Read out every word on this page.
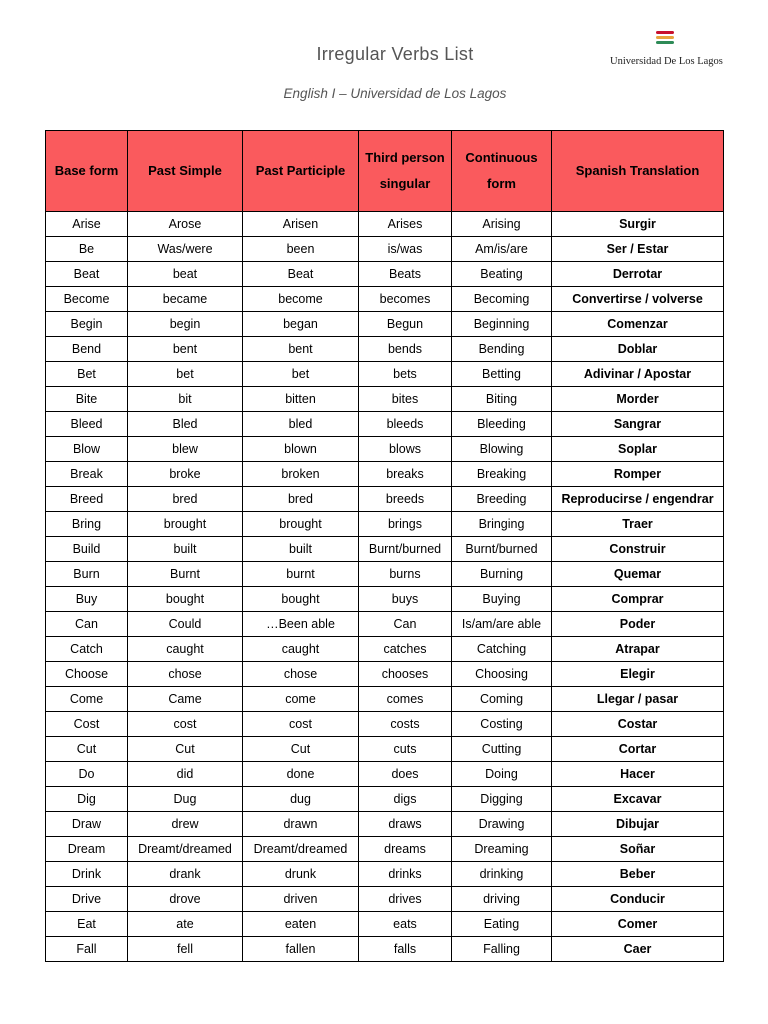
Irregular Verbs List
English I – Universidad de Los Lagos
Universidad De Los Lagos
Base form	Past Simple	Past Participle	Third person singular	Continuous form	Spanish Translation
Arise	Arose	Arisen	Arises	Arising	Surgir
Be	Was/were	been	is/was	Am/is/are	Ser / Estar
Beat	beat	Beat	Beats	Beating	Derrotar
Become	became	become	becomes	Becoming	Convertirse / volverse
Begin	begin	began	Begun	Beginning	Comenzar
Bend	bent	bent	bends	Bending	Doblar
Bet	bet	bet	bets	Betting	Adivinar / Apostar
Bite	bit	bitten	bites	Biting	Morder
Bleed	Bled	bled	bleeds	Bleeding	Sangrar
Blow	blew	blown	blows	Blowing	Soplar
Break	broke	broken	breaks	Breaking	Romper
Breed	bred	bred	breeds	Breeding	Reproducirse / engendrar
Bring	brought	brought	brings	Bringing	Traer
Build	built	built	Burnt/burned	Burnt/burned	Construir
Burn	Burnt	burnt	burns	Burning	Quemar
Buy	bought	bought	buys	Buying	Comprar
Can	Could	…Been able	Can	Is/am/are able	Poder
Catch	caught	caught	catches	Catching	Atrapar
Choose	chose	chose	chooses	Choosing	Elegir
Come	Came	come	comes	Coming	Llegar / pasar
Cost	cost	cost	costs	Costing	Costar
Cut	Cut	Cut	cuts	Cutting	Cortar
Do	did	done	does	Doing	Hacer
Dig	Dug	dug	digs	Digging	Excavar
Draw	drew	drawn	draws	Drawing	Dibujar
Dream	Dreamt/dreamed	Dreamt/dreamed	dreams	Dreaming	Soñar
Drink	drank	drunk	drinks	drinking	Beber
Drive	drove	driven	drives	driving	Conducir
Eat	ate	eaten	eats	Eating	Comer
Fall	fell	fallen	falls	Falling	Caer
